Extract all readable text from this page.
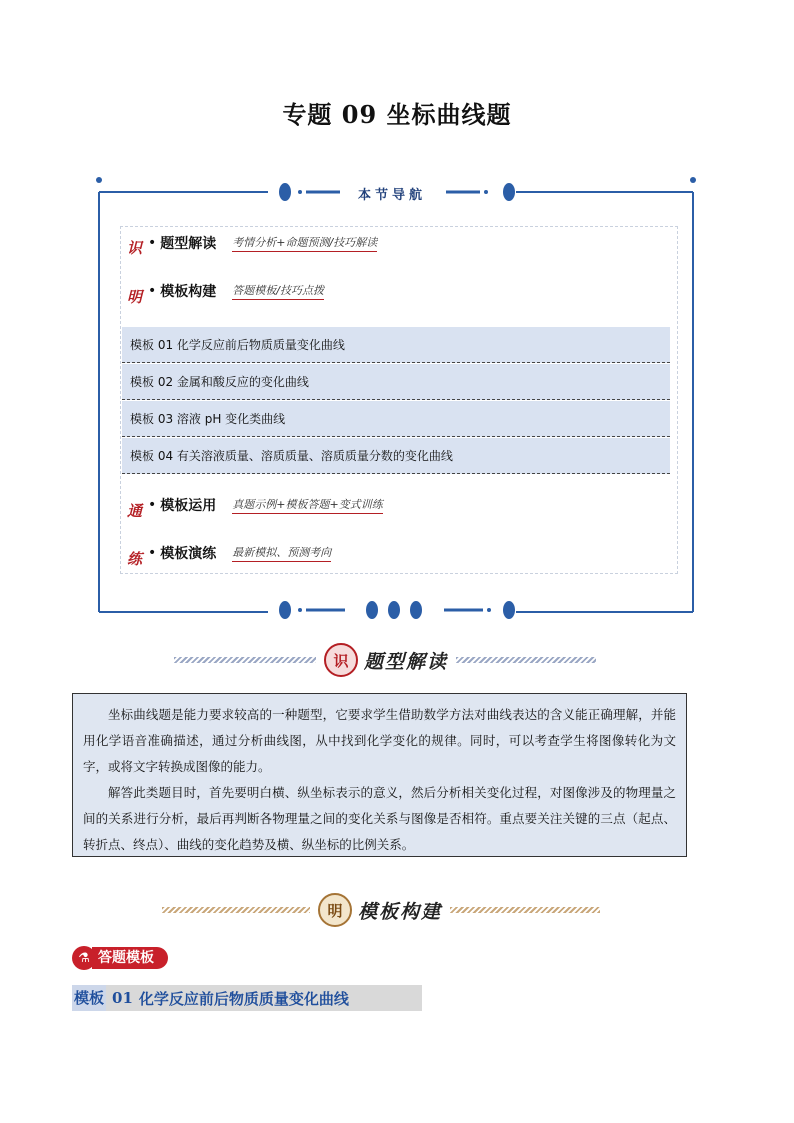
专题 09 坐标曲线题
本节导航
识
明
通
练
• 题型解读 考情分析+命题预测/技巧解读
• 模板构建 答题模板/技巧点拨
模板 01 化学反应前后物质质量变化曲线
模板 02 金属和酸反应的变化曲线
模板 03 溶液 pH 变化类曲线
模板 04 有关溶液质量、溶质质量、溶质质量分数的变化曲线
• 模板运用 真题示例+模板答题+变式训练
• 模板演练 最新模拟、预测考向
识 题型解读

坐标曲线题是能力要求较高的一种题型，它要求学生借助数学方法对曲线表达的含义能正确理解，并能用化学语音准确描述，通过分析曲线图，从中找到化学变化的规律。同时，可以考查学生将图像转化为文字，或将文字转换成图像的能力。

解答此类题目时，首先要明白横、纵坐标表示的意义，然后分析相关变化过程，对图像涉及的物理量之间的关系进行分析，最后再判断各物理量之间的变化关系与图像是否相符。重点要关注关键的三点（起点、转折点、终点）、曲线的变化趋势及横、纵坐标的比例关系。

明 模板构建
⚗ 答题模板
模板 01 化学反应前后物质质量变化曲线
